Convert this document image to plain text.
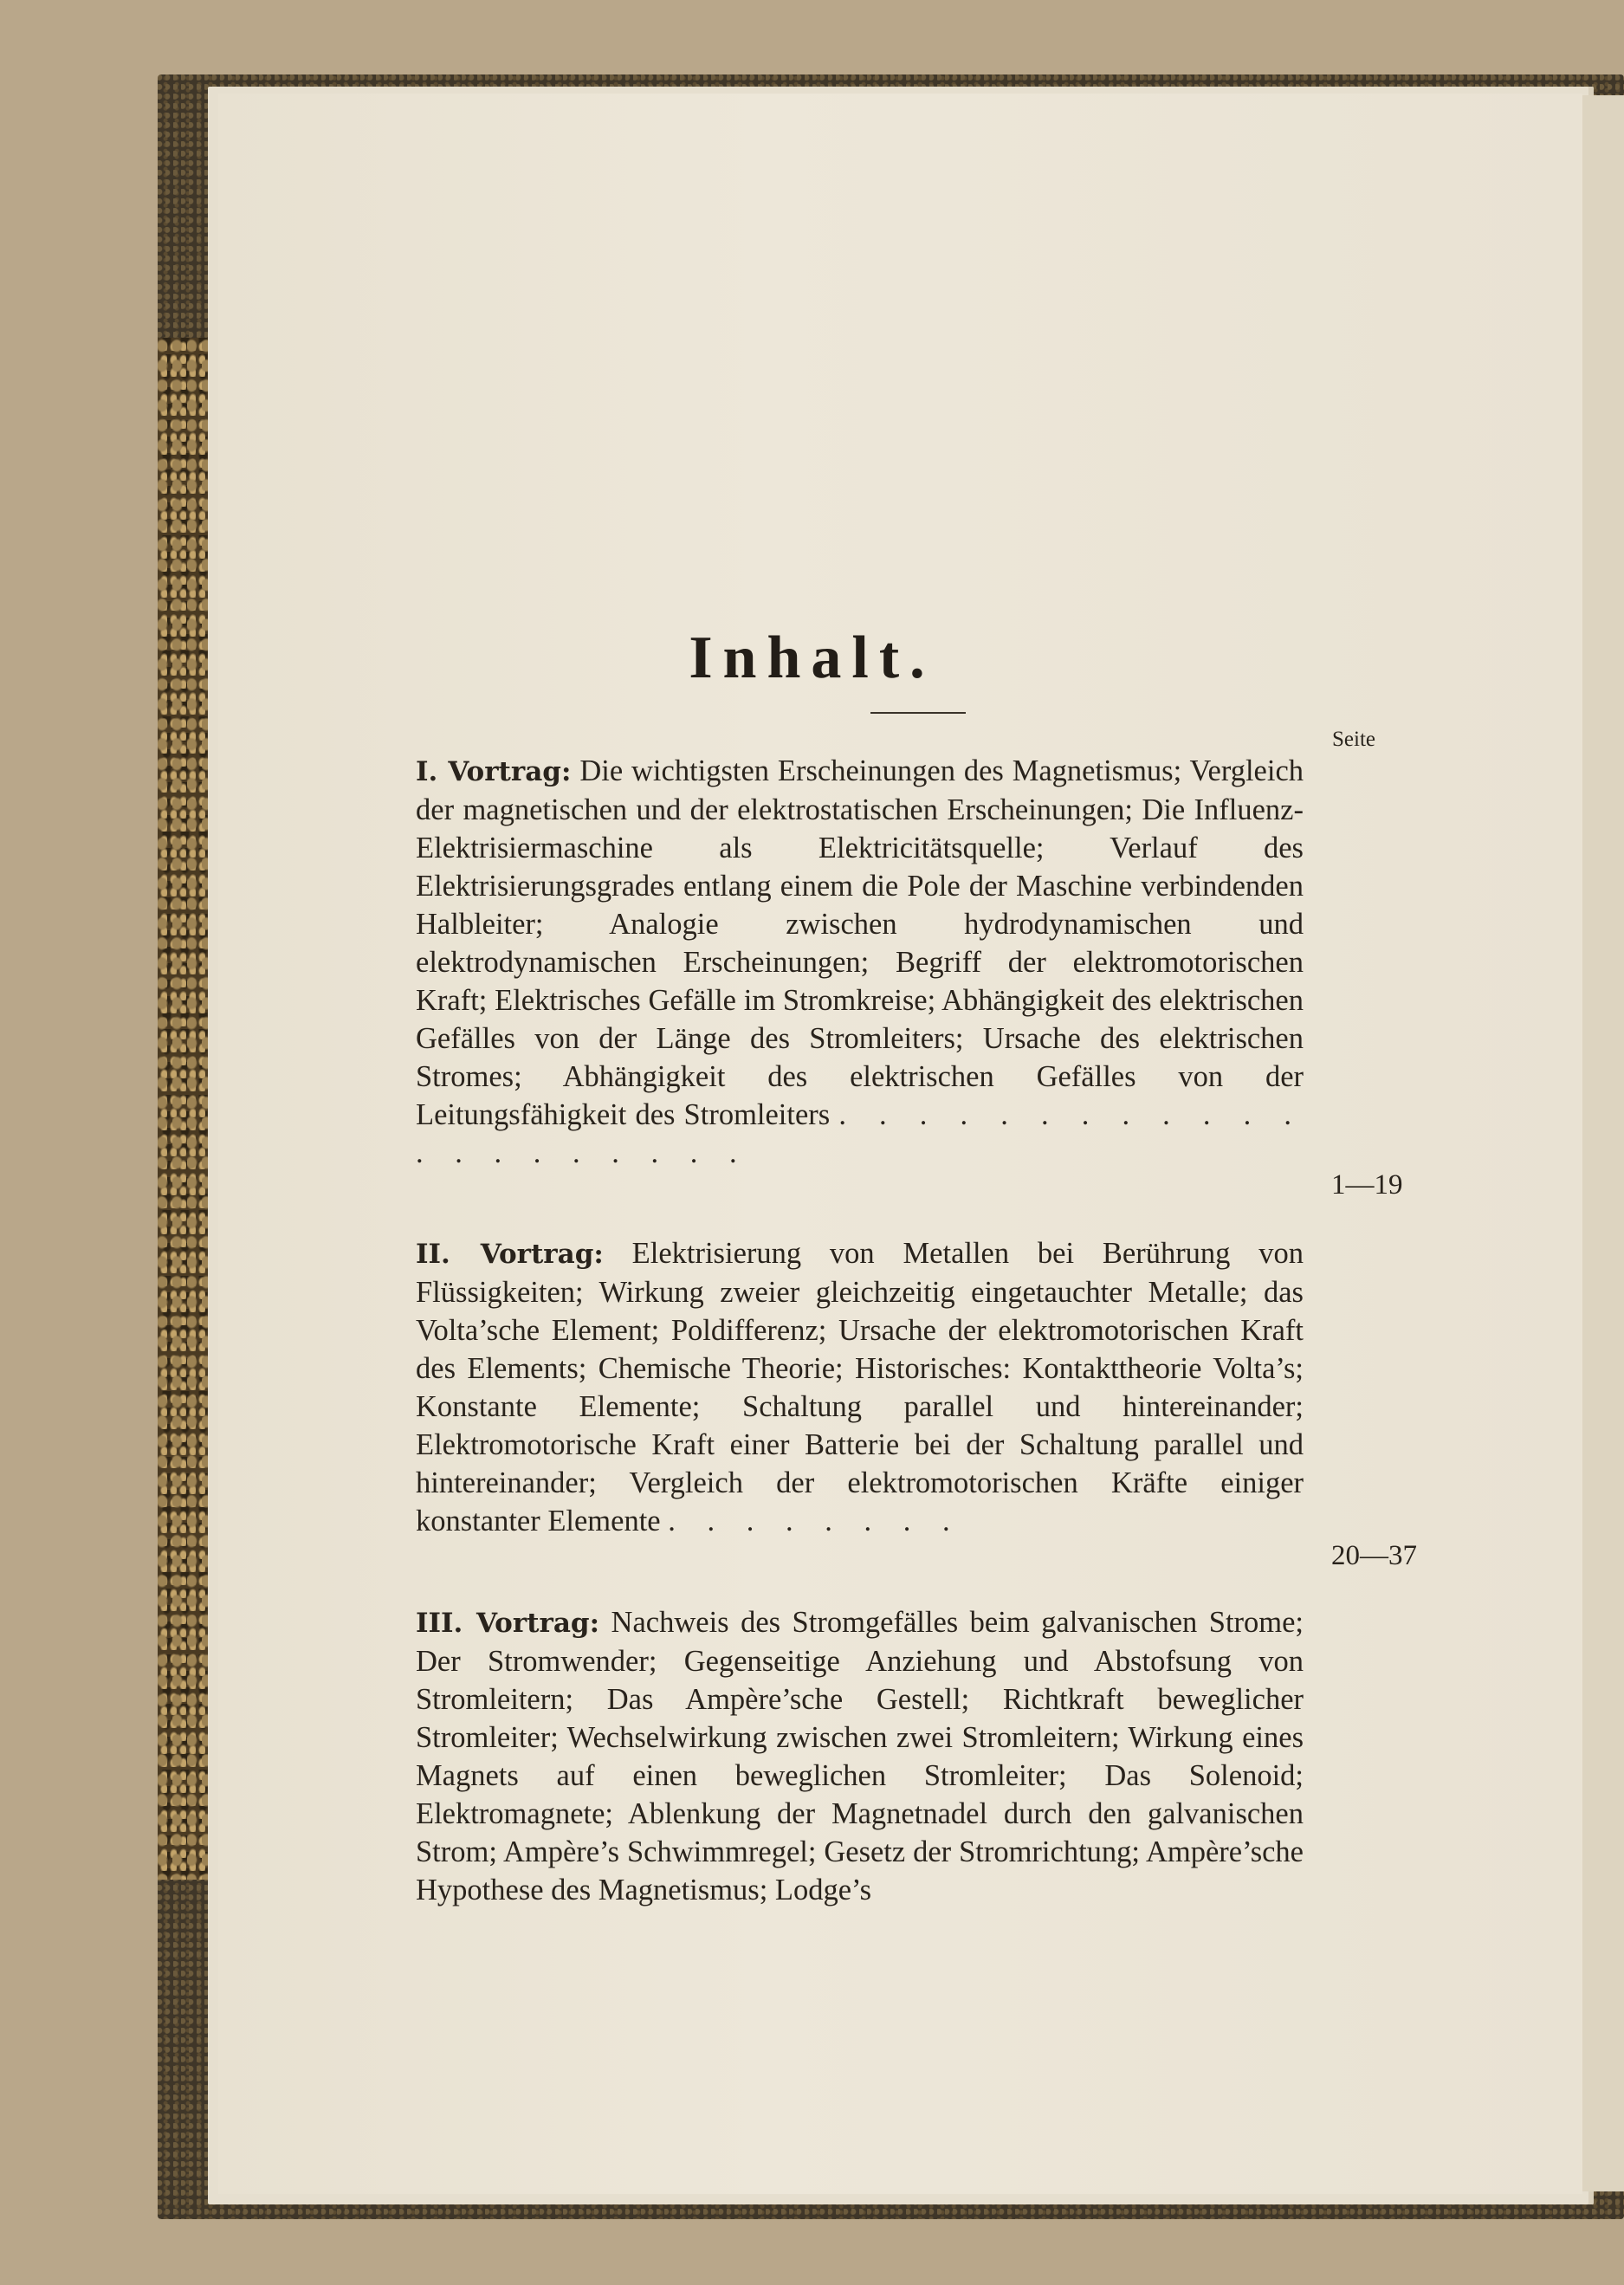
Inhalt.
Seite
I. Vortrag: Die wichtigsten Erscheinungen des Magnetismus; Vergleich der magnetischen und der elektrostatischen Erscheinungen; Die Influenz-Elektrisiermaschine als Elektricitätsquelle; Verlauf des Elektrisierungsgrades entlang einem die Pole der Maschine verbindenden Halbleiter; Analogie zwischen hydrodynamischen und elektrodynamischen Erscheinungen; Begriff der elektromotorischen Kraft; Elektrisches Gefälle im Stromkreise; Abhängigkeit des elektrischen Gefälles von der Länge des Stromleiters; Ursache des elektrischen Stromes; Abhängigkeit des elektrischen Gefälles von der Leitungsfähigkeit des Stromleiters . . . . . . . . . . . . . . . . . . . . .
1—19
II. Vortrag: Elektrisierung von Metallen bei Berührung von Flüssigkeiten; Wirkung zweier gleichzeitig eingetauchter Metalle; das Volta’sche Element; Poldifferenz; Ursache der elektromotorischen Kraft des Elements; Chemische Theorie; Historisches: Kontakttheorie Volta’s; Konstante Elemente; Schaltung parallel und hintereinander; Elektromotorische Kraft einer Batterie bei der Schaltung parallel und hintereinander; Vergleich der elektromotorischen Kräfte einiger konstanter Elemente . . . . . . . .
20—37
III. Vortrag: Nachweis des Stromgefälles beim galvanischen Strome; Der Stromwender; Gegenseitige Anziehung und Abstofsung von Stromleitern; Das Ampère’sche Gestell; Richtkraft beweglicher Stromleiter; Wechselwirkung zwischen zwei Stromleitern; Wirkung eines Magnets auf einen beweglichen Stromleiter; Das Solenoid; Elektromagnete; Ablenkung der Magnetnadel durch den galvanischen Strom; Ampère’s Schwimmregel; Gesetz der Stromrichtung; Ampère’sche Hypothese des Magnetismus; Lodge’s
